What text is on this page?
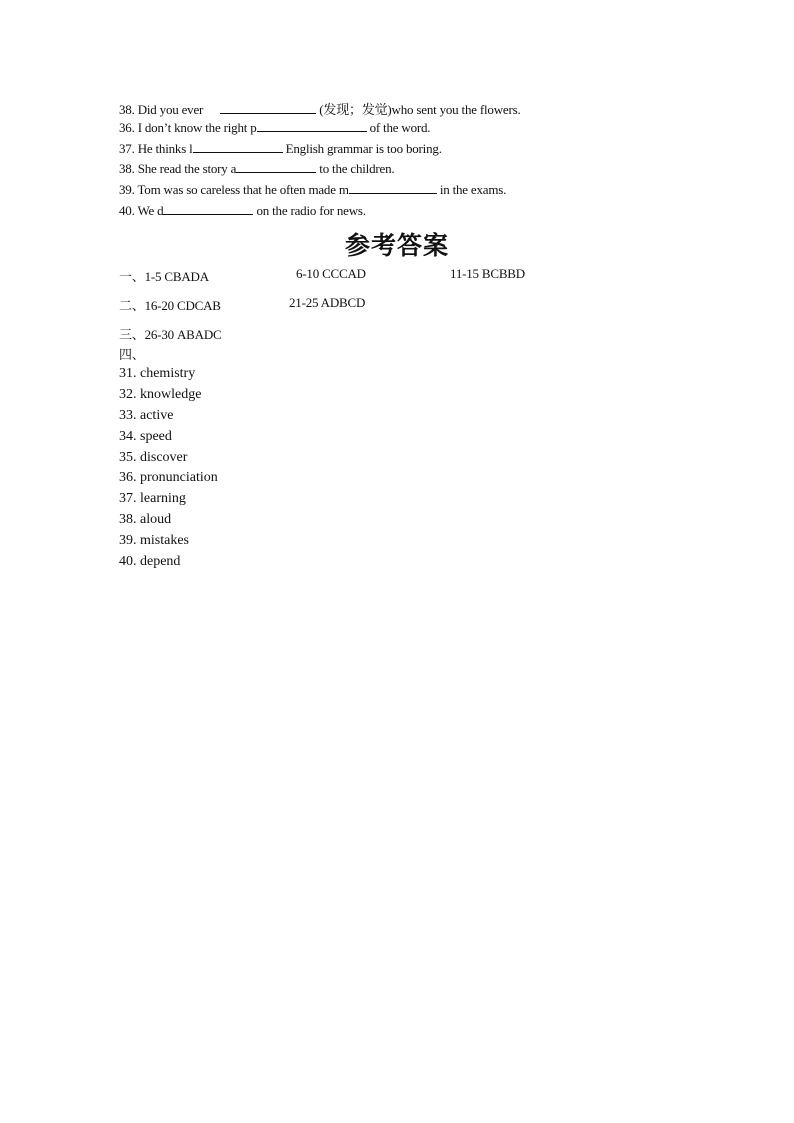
38. Did you ever	(发现；发觉)who sent you the flowers.
36. I don’t know the right p	of the word.
37. He thinks l	English grammar is too boring.
38. She read the story a	to the children.
39. Tom was so careless that he often made m	in the exams.
40. We d	on the radio for news.
参考答案
一、1-5 CBADA	6-10 CCCAD	11-15 BCBBD
二、16-20 CDCAB	21-25 ADBCD
三、26-30 ABADC
四、
31. chemistry
32. knowledge
33. active
34. speed
35. discover
36. pronunciation
37. learning
38. aloud
39. mistakes
40. depend
